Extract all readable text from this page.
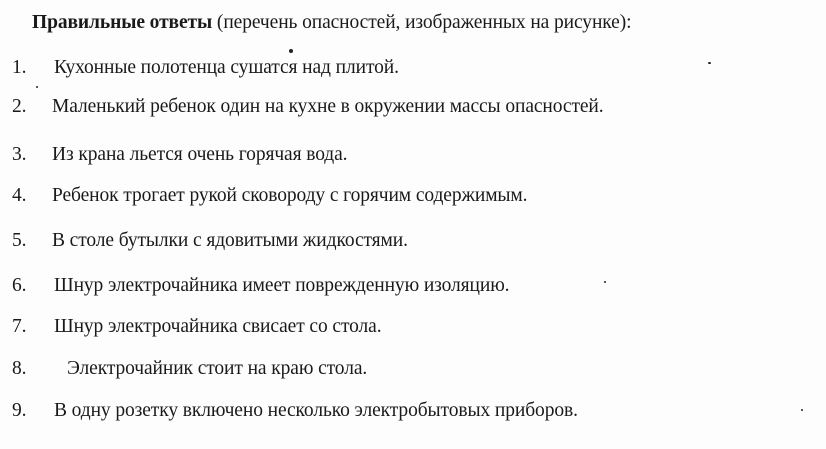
Правильные ответы (перечень опасностей, изображенных на рисунке):
1. Кухонные полотенца сушатся над плитой.
2. Маленький ребенок один на кухне в окружении массы опасностей.
3. Из крана льется очень горячая вода.
4. Ребенок трогает рукой сковороду с горячим содержимым.
5. В столе бутылки с ядовитыми жидкостями.
6. Шнур электрочайника имеет поврежденную изоляцию.
7. Шнур электрочайника свисает со стола.
8. Электрочайник стоит на краю стола.
9. В одну розетку включено несколько электробытовых приборов.
